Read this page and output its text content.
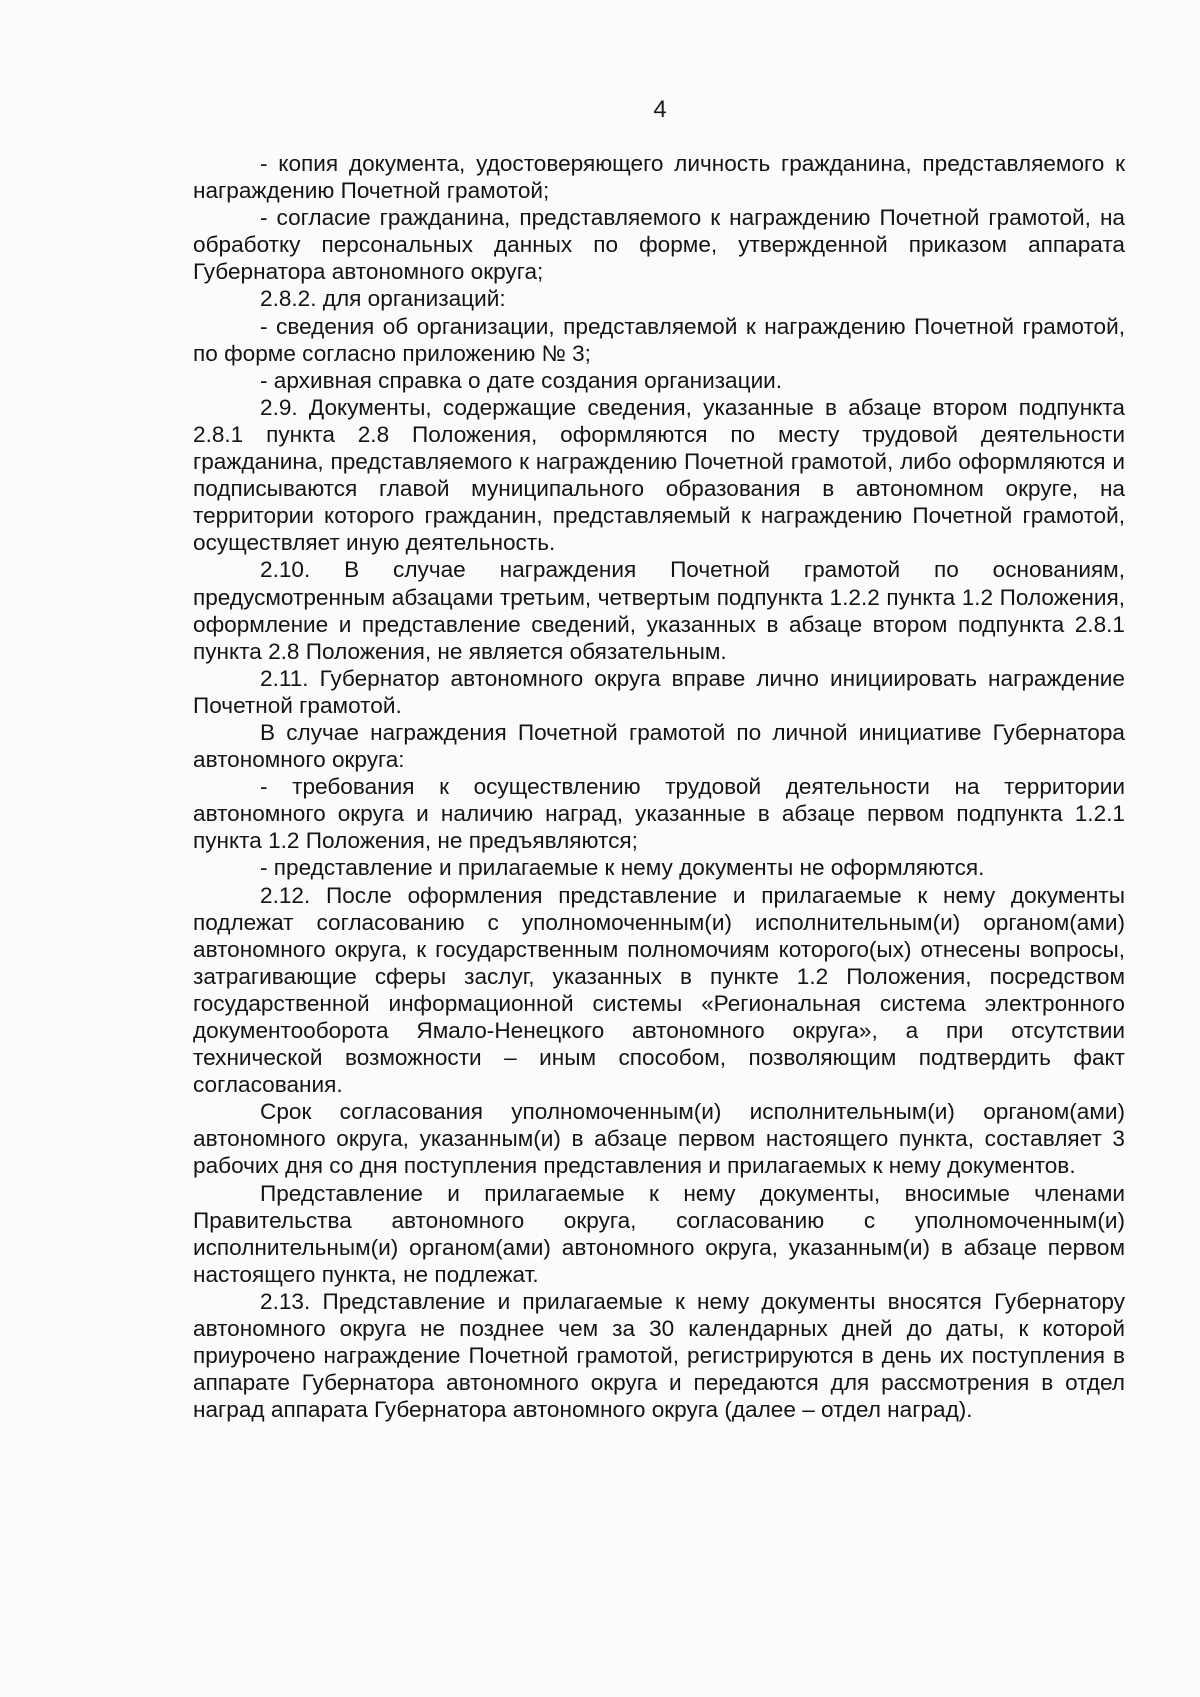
4

- копия документа, удостоверяющего личность гражданина, представляемого к награждению Почетной грамотой;

- согласие гражданина, представляемого к награждению Почетной грамотой, на обработку персональных данных по форме, утвержденной приказом аппарата Губернатора автономного округа;

2.8.2. для организаций:

- сведения об организации, представляемой к награждению Почетной грамотой, по форме согласно приложению № 3;

- архивная справка о дате создания организации.

2.9. Документы, содержащие сведения, указанные в абзаце втором подпункта 2.8.1 пункта 2.8 Положения, оформляются по месту трудовой деятельности гражданина, представляемого к награждению Почетной грамотой, либо оформляются и подписываются главой муниципального образования в автономном округе, на территории которого гражданин, представляемый к награждению Почетной грамотой, осуществляет иную деятельность.

2.10. В случае награждения Почетной грамотой по основаниям, предусмотренным абзацами третьим, четвертым подпункта 1.2.2 пункта 1.2 Положения, оформление и представление сведений, указанных в абзаце втором подпункта 2.8.1 пункта 2.8 Положения, не является обязательным.

2.11. Губернатор автономного округа вправе лично инициировать награждение Почетной грамотой.

В случае награждения Почетной грамотой по личной инициативе Губернатора автономного округа:

- требования к осуществлению трудовой деятельности на территории автономного округа и наличию наград, указанные в абзаце первом подпункта 1.2.1 пункта 1.2 Положения, не предъявляются;

- представление и прилагаемые к нему документы не оформляются.

2.12. После оформления представление и прилагаемые к нему документы подлежат согласованию с уполномоченным(и) исполнительным(и) органом(ами) автономного округа, к государственным полномочиям которого(ых) отнесены вопросы, затрагивающие сферы заслуг, указанных в пункте 1.2 Положения, посредством государственной информационной системы «Региональная система электронного документооборота Ямало-Ненецкого автономного округа», а при отсутствии технической возможности – иным способом, позволяющим подтвердить факт согласования.

Срок согласования уполномоченным(и) исполнительным(и) органом(ами) автономного округа, указанным(и) в абзаце первом настоящего пункта, составляет 3 рабочих дня со дня поступления представления и прилагаемых к нему документов.

Представление и прилагаемые к нему документы, вносимые членами Правительства автономного округа, согласованию с уполномоченным(и) исполнительным(и) органом(ами) автономного округа, указанным(и) в абзаце первом настоящего пункта, не подлежат.

2.13. Представление и прилагаемые к нему документы вносятся Губернатору автономного округа не позднее чем за 30 календарных дней до даты, к которой приурочено награждение Почетной грамотой, регистрируются в день их поступления в аппарате Губернатора автономного округа и передаются для рассмотрения в отдел наград аппарата Губернатора автономного округа (далее – отдел наград).
